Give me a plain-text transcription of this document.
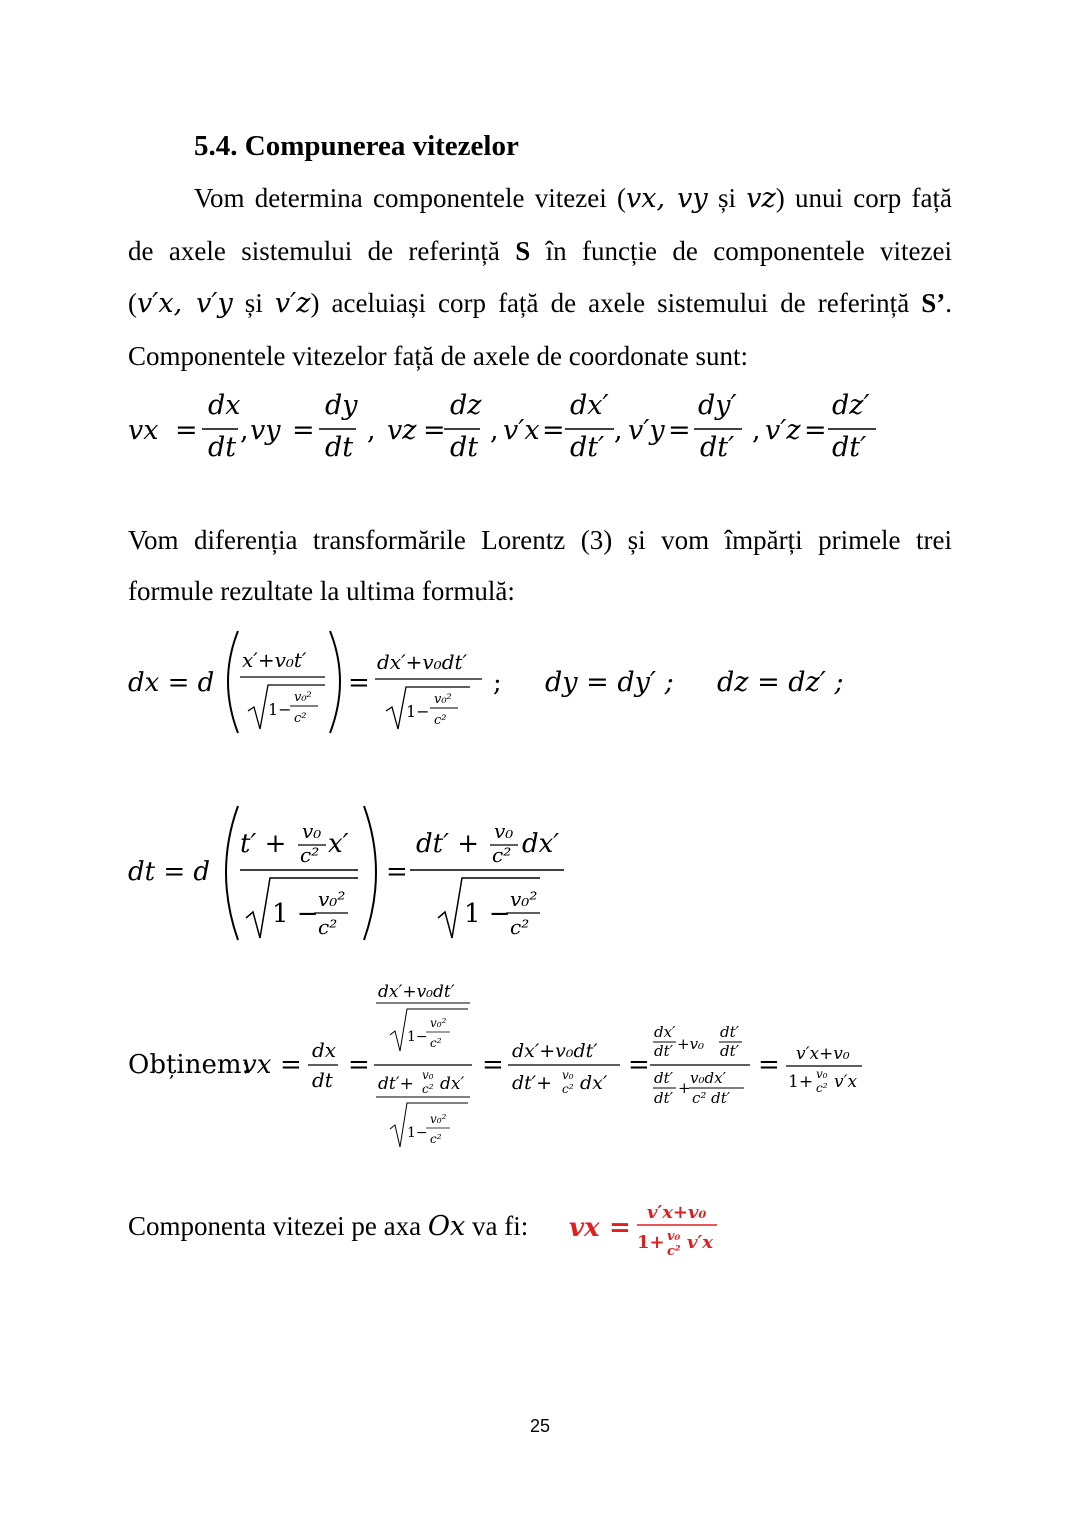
5.4. Compunerea vitezelor

Vom determina componentele vitezei (vx, vy și vz) unui corp față

de axele sistemului de referință S în funcție de componentele vitezei

(v′x, v′y și v′z) aceluiași corp față de axele sistemului de referință S’.

Componentele vitezelor față de axele de coordonate sunt:

vx =
dx
dt
, vy =
dy
dt
, vz =
dz
dt
, v′x =
dx′
dt′
, v′y =
dy′
dt′
, v′z =
dz′
dt′

Vom diferenția transformările Lorentz (3) și vom împărți primele trei

formule rezultate la ultima formulă:

dx = d
x′+v₀t′
1−
v₀²
c²
=
dx′+v₀dt′
1−
v₀²
c²
; dy = dy′ ; dz = dz′ ;
dt = d
t′ + v₀
c² x′
1 − v₀²
c²
=
dt′ + v₀
c² dx′
1 − v₀²
c²
Obținem:
vx = dx
dt =
dx′+v₀dt′
1−
v₀²
c²
dt′+ v₀
c² dx′
1−
v₀²
c²
= dx′+v₀dt′
dt′+ v₀
c² dx′
=
dx′
dt′ +v₀
dt′
dt′
dt′
dt′
+
v₀dx′
c² dt′
= v′x+v₀
1+ v₀
c² v′x

Componenta vitezei pe axa Ox va fi:	vx =
v′x+v₀
1+ v₀
c² v′x

25
